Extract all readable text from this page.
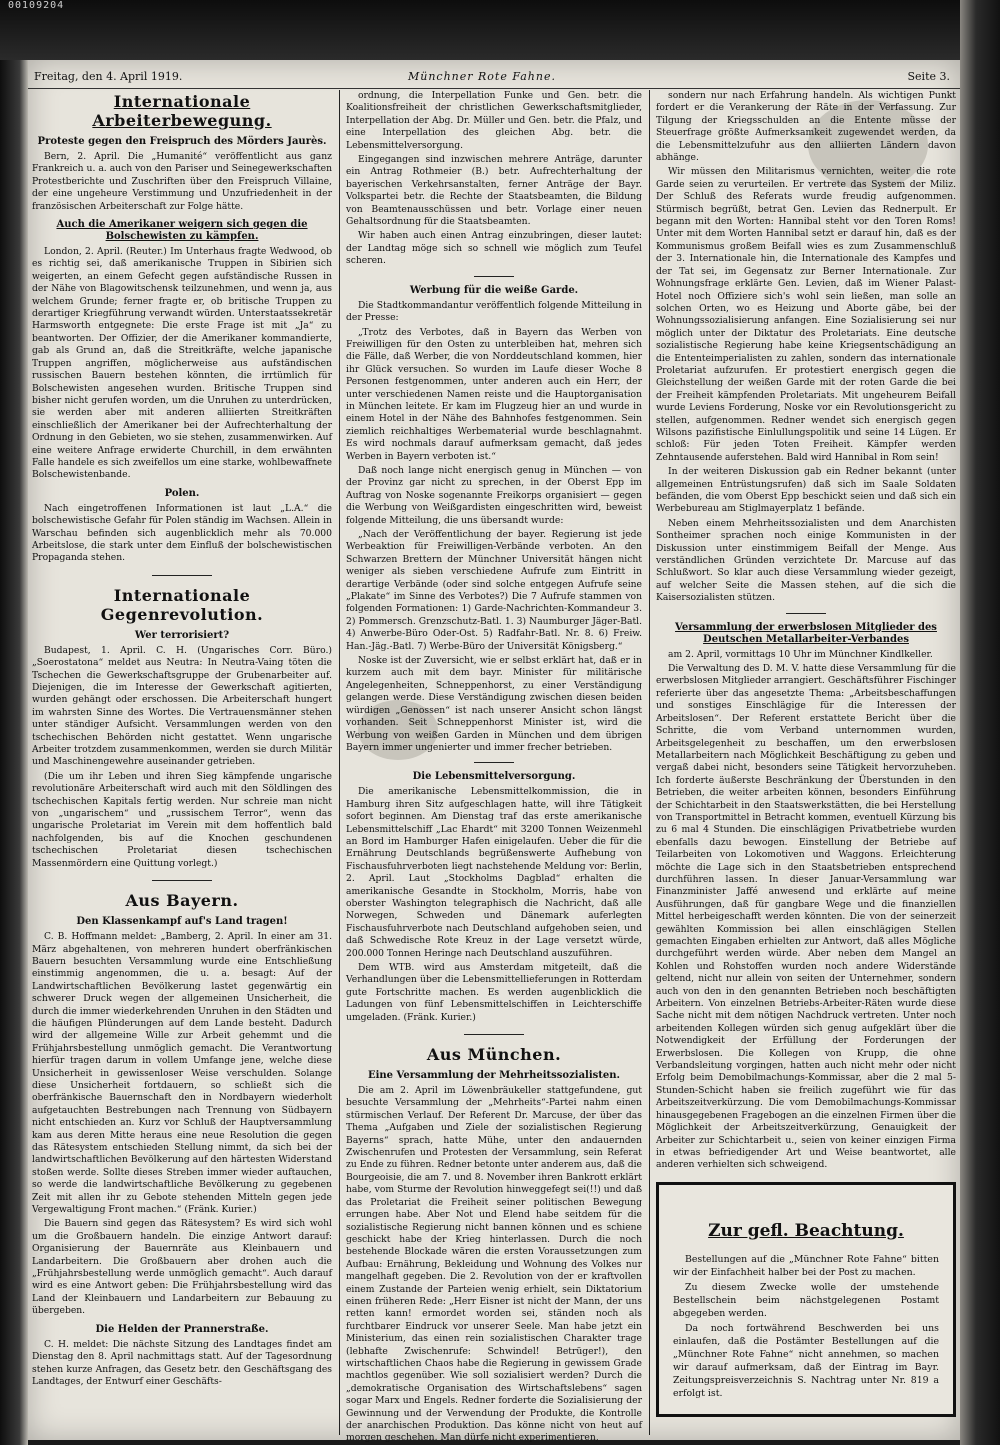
00109204
Freitag, den 4. April 1919.	Münchner Rote Fahne.	Seite 3.
Internationale Arbeiterbewegung.
Proteste gegen den Freispruch des Mörders Jaurès.

Bern, 2. April. Die „Humanité“ veröffentlicht aus ganz Frankreich u. a. auch von den Pariser und Seinegewerkschaften Protestberichte und Zuschriften über den Freispruch Villaine, der eine ungeheure Verstimmung und Unzufriedenheit in der französischen Arbeiterschaft zur Folge hätte.

Auch die Amerikaner weigern sich gegen die Bolschewisten zu kämpfen.

London, 2. April. (Reuter.) Im Unterhaus fragte Wedwood, ob es richtig sei, daß amerikanische Truppen in Sibirien sich weigerten, an einem Gefecht gegen aufständische Russen in der Nähe von Blagowitschensk teilzunehmen, und wenn ja, aus welchem Grunde; ferner fragte er, ob britische Truppen zu derartiger Kriegführung verwandt würden. Unterstaatssekretär Harmsworth entgegnete: Die erste Frage ist mit „Ja“ zu beantworten. Der Offizier, der die Amerikaner kommandierte, gab als Grund an, daß die Streitkräfte, welche japanische Truppen angriffen, möglicherweise aus aufständischen russischen Bauern bestehen könnten, die irrtümlich für Bolschewisten angesehen wurden. Britische Truppen sind bisher nicht gerufen worden, um die Unruhen zu unterdrücken, sie werden aber mit anderen alliierten Streitkräften einschließlich der Amerikaner bei der Aufrechterhaltung der Ordnung in den Gebieten, wo sie stehen, zusammenwirken. Auf eine weitere Anfrage erwiderte Churchill, in dem erwähnten Falle handele es sich zweifellos um eine starke, wohlbewaffnete Bolschewistenbande.

Polen.

Nach eingetroffenen Informationen ist laut „L.A.“ die bolschewistische Gefahr für Polen ständig im Wachsen. Allein in Warschau befinden sich augenblicklich mehr als 70.000 Arbeitslose, die stark unter dem Einfluß der bolschewistischen Propaganda stehen.

Internationale Gegenrevolution.
Wer terrorisiert?

Budapest, 1. April. C. H. (Ungarisches Corr. Büro.) „Soerostatona“ meldet aus Neutra: In Neutra-Vaing töten die Tschechen die Gewerkschaftsgruppe der Grubenarbeiter auf. Diejenigen, die im Interesse der Gewerkschaft agitierten, wurden gehängt oder erschossen. Die Arbeiterschaft hungert im wahrsten Sinne des Wortes. Die Vertrauensmänner stehen unter ständiger Aufsicht. Versammlungen werden von den tschechischen Behörden nicht gestattet. Wenn ungarische Arbeiter trotzdem zusammenkommen, werden sie durch Militär und Maschinengewehre auseinander getrieben.

(Die um ihr Leben und ihren Sieg kämpfende ungarische revolutionäre Arbeiterschaft wird auch mit den Söldlingen des tschechischen Kapitals fertig werden. Nur schreie man nicht von „ungarischem“ und „russischem Terror“, wenn das ungarische Proletariat im Verein mit dem hoffentlich bald nachfolgenden, bis auf die Knochen geschundenen tschechischen Proletariat diesen tschechischen Massenmördern eine Quittung vorlegt.)

Aus Bayern.
Den Klassenkampf auf's Land tragen!

C. B. Hoffmann meldet: „Bamberg, 2. April. In einer am 31. März abgehaltenen, von mehreren hundert oberfränkischen Bauern besuchten Versammlung wurde eine Entschließung einstimmig angenommen, die u. a. besagt: Auf der Landwirtschaftlichen Bevölkerung lastet gegenwärtig ein schwerer Druck wegen der allgemeinen Unsicherheit, die durch die immer wiederkehrenden Unruhen in den Städten und die häufigen Plünderungen auf dem Lande besteht. Dadurch wird der allgemeine Wille zur Arbeit gehemmt und die Frühjahrsbestellung unmöglich gemacht. Die Verantwortung hierfür tragen darum in vollem Umfange jene, welche diese Unsicherheit in gewissenloser Weise verschulden. Solange diese Unsicherheit fortdauern, so schließt sich die oberfränkische Bauernschaft den in Nordbayern wiederholt aufgetauchten Bestrebungen nach Trennung von Südbayern nicht entschieden an. Kurz vor Schluß der Hauptversammlung kam aus deren Mitte heraus eine neue Resolution die gegen das Rätesystem entschieden Stellung nimmt, da sich bei der landwirtschaftlichen Bevölkerung auf den härtesten Widerstand stoßen werde. Sollte dieses Streben immer wieder auftauchen, so werde die landwirtschaftliche Bevölkerung zu gegebenen Zeit mit allen ihr zu Gebote stehenden Mitteln gegen jede Vergewaltigung Front machen.“ (Fränk. Kurier.)

Die Bauern sind gegen das Rätesystem? Es wird sich wohl um die Großbauern handeln. Die einzige Antwort darauf: Organisierung der Bauernräte aus Kleinbauern und Landarbeitern. Die Großbauern aber drohen auch die „Frühjahrsbestellung werde unmöglich gemacht“. Auch darauf wird es eine Antwort geben: Die Frühjahrsbestellung wird das Land der Kleinbauern und Landarbeitern zur Bebauung zu übergeben.

Die Helden der Prannerstraße.

C. H. meldet: Die nächste Sitzung des Landtages findet am Dienstag den 8. April nachmittags statt. Auf der Tagesordnung stehen kurze Anfragen, das Gesetz betr. den Geschäftsgang des Landtages, der Entwurf einer Geschäfts-

ordnung, die Interpellation Funke und Gen. betr. die Koalitionsfreiheit der christlichen Gewerkschaftsmitglieder, Interpellation der Abg. Dr. Müller und Gen. betr. die Pfalz, und eine Interpellation des gleichen Abg. betr. die Lebensmittelversorgung.

Eingegangen sind inzwischen mehrere Anträge, darunter ein Antrag Rothmeier (B.) betr. Aufrechterhaltung der bayerischen Verkehrsanstalten, ferner Anträge der Bayr. Volkspartei betr. die Rechte der Staatsbeamten, die Bildung von Beamtenausschüssen und betr. Vorlage einer neuen Gehaltsordnung für die Staatsbeamten.

Wir haben auch einen Antrag einzubringen, dieser lautet: der Landtag möge sich so schnell wie möglich zum Teufel scheren.

Werbung für die weiße Garde.

Die Stadtkommandantur veröffentlich folgende Mitteilung in der Presse:

„Trotz des Verbotes, daß in Bayern das Werben von Freiwilligen für den Osten zu unterbleiben hat, mehren sich die Fälle, daß Werber, die von Norddeutschland kommen, hier ihr Glück versuchen. So wurden im Laufe dieser Woche 8 Personen festgenommen, unter anderen auch ein Herr, der unter verschiedenen Namen reiste und die Hauptorganisation in München leitete. Er kam im Flugzeug hier an und wurde in einem Hotel in der Nähe des Bahnhofes festgenommen. Sein ziemlich reichhaltiges Werbematerial wurde beschlagnahmt. Es wird nochmals darauf aufmerksam gemacht, daß jedes Werben in Bayern verboten ist.“

Daß noch lange nicht energisch genug in München — von der Provinz gar nicht zu sprechen, in der Oberst Epp im Auftrag von Noske sogenannte Freikorps organisiert — gegen die Werbung von Weißgardisten eingeschritten wird, beweist folgende Mitteilung, die uns übersandt wurde:

„Nach der Veröffentlichung der bayer. Regierung ist jede Werbeaktion für Freiwilligen-Verbände verboten. An den Schwarzen Brettern der Münchner Universität hängen nicht weniger als sieben verschiedene Aufrufe zum Eintritt in derartige Verbände (oder sind solche entgegen Aufrufe seine „Plakate“ im Sinne des Verbotes?) Die 7 Aufrufe stammen von folgenden Formationen: 1) Garde-Nachrichten-Kommandeur 3. 2) Pommersch. Grenzschutz-Batl. 1. 3) Naumburger Jäger-Batl. 4) Anwerbe-Büro Oder-Ost. 5) Radfahr-Batl. Nr. 8. 6) Freiw. Han.-Jäg.-Batl. 7) Werbe-Büro der Universität Königsberg.“

Noske ist der Zuversicht, wie er selbst erklärt hat, daß er in kurzem auch mit dem bayr. Minister für militärische Angelegenheiten, Schneppenhorst, zu einer Verständigung gelangen werde. Diese Verständigung zwischen diesen beiden würdigen „Genossen“ ist nach unserer Ansicht schon längst vorhanden. Seit Schneppenhorst Minister ist, wird die Werbung von weißen Garden in München und dem übrigen Bayern immer ungenierter und immer frecher betrieben.

Die Lebensmittelversorgung.

Die amerikanische Lebensmittelkommission, die in Hamburg ihren Sitz aufgeschlagen hatte, will ihre Tätigkeit sofort beginnen. Am Dienstag traf das erste amerikanische Lebensmittelschiff „Lac Ehardt“ mit 3200 Tonnen Weizenmehl an Bord im Hamburger Hafen einigelaufen. Ueber die für die Ernährung Deutschlands begrüßenswerte Aufhebung von Fischausfuhrverboten liegt nachstehende Meldung vor: Berlin, 2. April. Laut „Stockholms Dagblad“ erhalten die amerikanische Gesandte in Stockholm, Morris, habe von oberster Washington telegraphisch die Nachricht, daß alle Norwegen, Schweden und Dänemark auferlegten Fischausfuhrverbote nach Deutschland aufgehoben seien, und daß Schwedische Rote Kreuz in der Lage versetzt würde, 200.000 Tonnen Heringe nach Deutschland auszuführen.

Dem WTB. wird aus Amsterdam mitgeteilt, daß die Verhandlungen über die Lebensmittellieferungen in Rotterdam gute Fortschritte machen. Es werden augenblicklich die Ladungen von fünf Lebensmittelschiffen in Leichterschiffe umgeladen. (Fränk. Kurier.)

Aus München.
Eine Versammlung der Mehrheitssozialisten.

Die am 2. April im Löwenbräukeller stattgefundene, gut besuchte Versammlung der „Mehrheits“-Partei nahm einen stürmischen Verlauf. Der Referent Dr. Marcuse, der über das Thema „Aufgaben und Ziele der sozialistischen Regierung Bayerns“ sprach, hatte Mühe, unter den andauernden Zwischenrufen und Protesten der Versammlung, sein Referat zu Ende zu führen. Redner betonte unter anderem aus, daß die Bourgeoisie, die am 7. und 8. November ihren Bankrott erklärt habe, vom Sturme der Revolution hinweggefegt sei(!!) und daß das Proletariat die Freiheit seiner politischen Bewegung errungen habe. Aber Not und Elend habe seitdem für die sozialistische Regierung nicht bannen können und es schiene geschickt habe der Krieg hinterlassen. Durch die noch bestehende Blockade wären die ersten Voraussetzungen zum Aufbau: Ernährung, Bekleidung und Wohnung des Volkes nur mangelhaft gegeben. Die 2. Revolution von der er kraftvollen einem Zustande der Parteien wenig erhielt, sein Diktatorium einen früheren Rede: „Herr Eisner ist nicht der Mann, der uns retten kann! ermordet worden sei, ständen noch als furchtbarer Eindruck vor unserer Seele. Man habe jetzt ein Ministerium, das einen rein sozialistischen Charakter trage (lebhafte Zwischenrufe: Schwindel! Betrüger!), den wirtschaftlichen Chaos habe die Regierung in gewissem Grade machtlos gegenüber. Wie soll sozialisiert werden? Durch die „demokratische Organisation des Wirtschaftslebens“ sagen sogar Marx und Engels. Redner forderte die Sozialisierung der Gewinnung und der Verwendung der Produkte, die Kontrolle der anarchischen Produktion. Das könne nicht von heut auf morgen geschehen. Man dürfe nicht experimentieren,

sondern nur nach Erfahrung handeln. Als wichtigen Punkt fordert er die Verankerung der Räte in der Verfassung. Zur Tilgung der Kriegsschulden an die Entente müsse der Steuerfrage größte Aufmerksamkeit zugewendet werden, da die Lebensmittelzufuhr aus den alliierten Ländern davon abhänge.

Wir müssen den Militarismus vernichten, weiter die rote Garde seien zu verurteilen. Er vertrete das System der Miliz. Der Schluß des Referats wurde freudig aufgenommen. Stürmisch begrüßt, betrat Gen. Levien das Rednerpult. Er begann mit den Worten: Hannibal steht vor den Toren Roms! Unter mit dem Worten Hannibal setzt er darauf hin, daß es der Kommunismus großem Beifall wies es zum Zusammenschluß der 3. Internationale hin, die Internationale des Kampfes und der Tat sei, im Gegensatz zur Berner Internationale. Zur Wohnungsfrage erklärte Gen. Levien, daß im Wiener Palast-Hotel noch Offiziere sich's wohl sein ließen, man solle an solchen Orten, wo es Heizung und Aborte gäbe, bei der Wohnungssozialisierung anfangen. Eine Sozialisierung sei nur möglich unter der Diktatur des Proletariats. Eine deutsche sozialistische Regierung habe keine Kriegsentschädigung an die Ententeimperialisten zu zahlen, sondern das internationale Proletariat aufzurufen. Er protestiert energisch gegen die Gleichstellung der weißen Garde mit der roten Garde die bei der Freiheit kämpfenden Proletariats. Mit ungeheurem Beifall wurde Leviens Forderung, Noske vor ein Revolutionsgericht zu stellen, aufgenommen. Redner wendet sich energisch gegen Wilsons pazifistische Einlullungspolitik und seine 14 Lügen. Er schloß: Für jeden Toten Freiheit. Kämpfer werden Zehntausende auferstehen. Bald wird Hannibal in Rom sein!

In der weiteren Diskussion gab ein Redner bekannt (unter allgemeinen Entrüstungsrufen) daß sich im Saale Soldaten befänden, die vom Oberst Epp beschickt seien und daß sich ein Werbebureau am Stiglmayerplatz 1 befände.

Neben einem Mehrheitssozialisten und dem Anarchisten Sontheimer sprachen noch einige Kommunisten in der Diskussion unter einstimmigem Beifall der Menge. Aus verständlichen Gründen verzichtete Dr. Marcuse auf das Schlußwort. So klar auch diese Versammlung wieder gezeigt, auf welcher Seite die Massen stehen, auf die sich die Kaisersozialisten stützen.

Versammlung der erwerbslosen Mitglieder des Deutschen Metallarbeiter-Verbandes

am 2. April, vormittags 10 Uhr im Münchner Kindlkeller.

Die Verwaltung des D. M. V. hatte diese Versammlung für die erwerbslosen Mitglieder arrangiert. Geschäftsführer Fischinger referierte über das angesetzte Thema: „Arbeitsbeschaffungen und sonstiges Einschlägige für die Interessen der Arbeitslosen“. Der Referent erstattete Bericht über die Schritte, die vom Verband unternommen wurden, Arbeitsgelegenheit zu beschaffen, um den erwerbslosen Metallarbeitern nach Möglichkeit Beschäftigung zu geben und vergaß dabei nicht, besonders seine Tätigkeit hervorzuheben. Ich forderte äußerste Beschränkung der Überstunden in den Betrieben, die weiter arbeiten können, besonders Einführung der Schichtarbeit in den Staatswerkstätten, die bei Herstellung von Transportmittel in Betracht kommen, eventuell Kürzung bis zu 6 mal 4 Stunden. Die einschlägigen Privatbetriebe wurden ebenfalls dazu bewogen. Einstellung der Betriebe auf Teilarbeiten von Lokomotiven und Waggons. Erleichterung möchte die Lage sich in den Staatsbetrieben entsprechend durchführen lassen. In dieser Januar-Versammlung war Finanzminister Jaffé anwesend und erklärte auf meine Ausführungen, daß für gangbare Wege und die finanziellen Mittel herbeigeschafft werden könnten. Die von der seinerzeit gewählten Kommission bei allen einschlägigen Stellen gemachten Eingaben erhielten zur Antwort, daß alles Mögliche durchgeführt werden würde. Aber neben dem Mangel an Kohlen und Rohstoffen wurden noch andere Widerstände geltend, nicht nur allein von seiten der Unternehmer, sondern auch von den in den genannten Betrieben noch beschäftigten Arbeitern. Von einzelnen Betriebs-Arbeiter-Räten wurde diese Sache nicht mit dem nötigen Nachdruck vertreten. Unter noch arbeitenden Kollegen würden sich genug aufgeklärt über die Notwendigkeit der Erfüllung der Forderungen der Erwerbslosen. Die Kollegen von Krupp, die ohne Verbandsleitung vorgingen, hatten auch nicht mehr oder nicht Erfolg beim Demobilmachungs-Kommissar, aber die 2 mal 5-Stunden-Schicht haben sie freilich zugeführt wie für das Arbeitszeitverkürzung. Die vom Demobilmachungs-Kommissar hinausgegebenen Fragebogen an die einzelnen Firmen über die Möglichkeit der Arbeitszeitverkürzung, Genauigkeit der Arbeiter zur Schichtarbeit u., seien von keiner einzigen Firma in etwas befriedigender Art und Weise beantwortet, alle anderen verhielten sich schweigend.

Zur gefl. Beachtung.

Bestellungen auf die „Münchner Rote Fahne“ bitten wir der Einfachheit halber bei der Post zu machen.

Zu diesem Zwecke wolle der umstehende Bestellschein beim nächstgelegenen Postamt abgegeben werden.

Da noch fortwährend Beschwerden bei uns einlaufen, daß die Postämter Bestellungen auf die „Münchner Rote Fahne“ nicht annehmen, so machen wir darauf aufmerksam, daß der Eintrag im Bayr. Zeitungspreisverzeichnis S. Nachtrag unter Nr. 819 a erfolgt ist.
